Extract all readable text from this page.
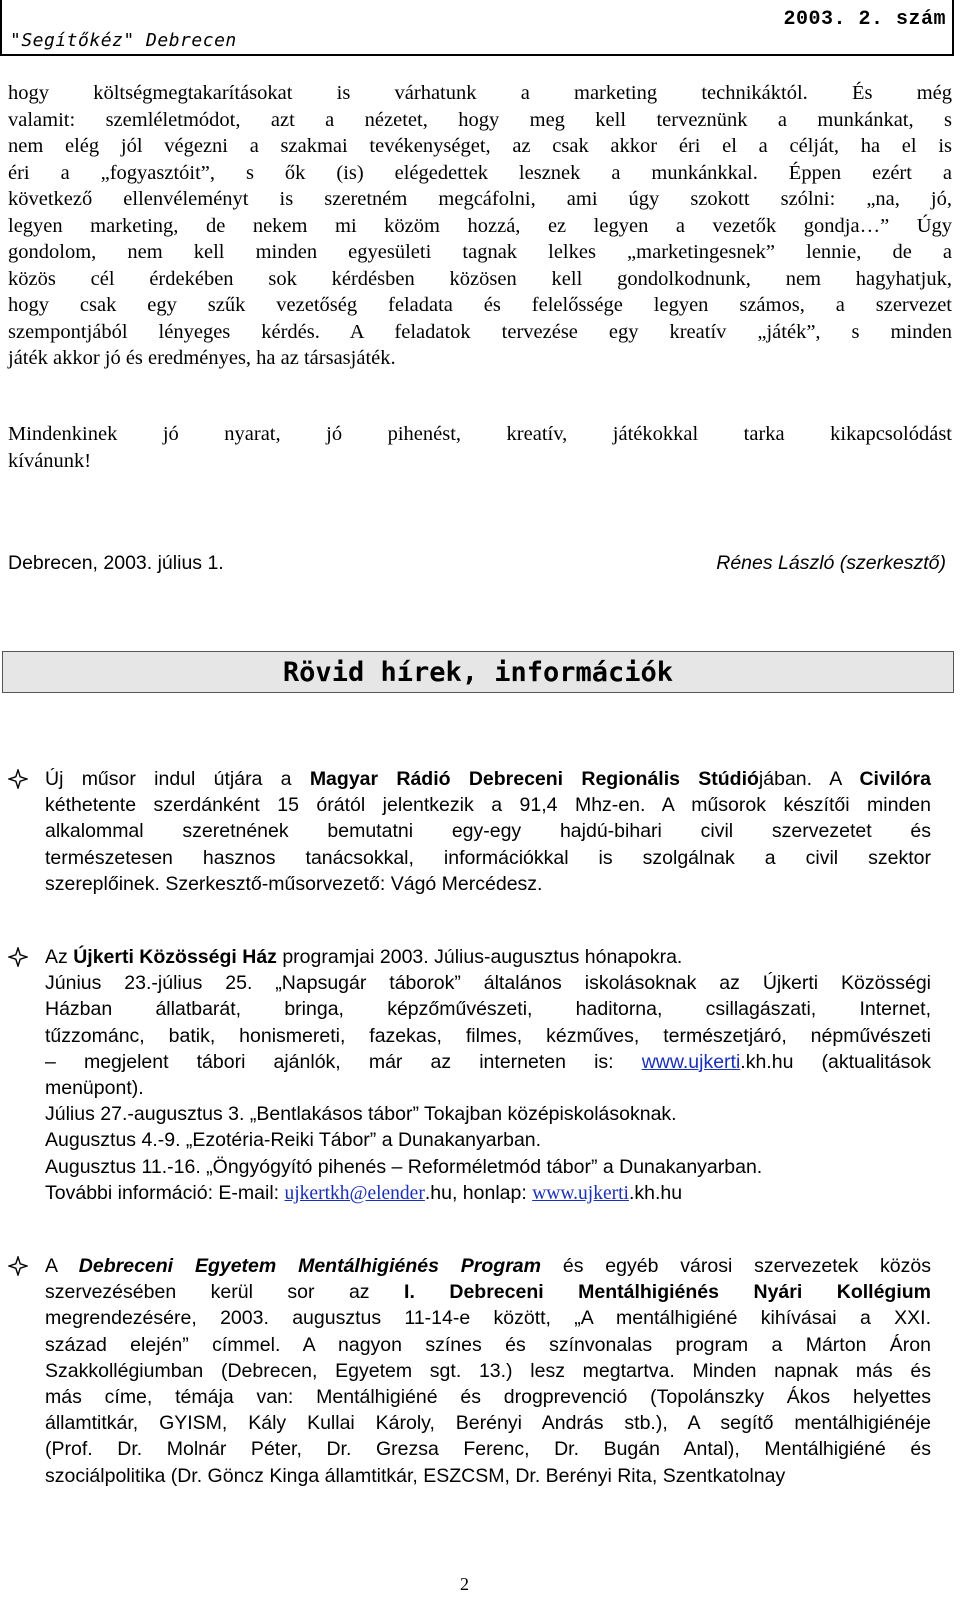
"Segítőkéz" Debrecen
2003. 2. szám
hogy költségmegtakarításokat is várhatunk a marketing technikáktól. És még
valamit: szemléletmódot, azt a nézetet, hogy meg kell terveznünk a munkánkat, s
nem elég jól végezni a szakmai tevékenységet, az csak akkor éri el a célját, ha el is
éri a „fogyasztóit”, s ők (is) elégedettek lesznek a munkánkkal. Éppen ezért a
következő ellenvéleményt is szeretném megcáfolni, ami úgy szokott szólni: „na, jó,
legyen marketing, de nekem mi közöm hozzá, ez legyen a vezetők gondja…” Úgy
gondolom, nem kell minden egyesületi tagnak lelkes „marketingesnek” lennie, de a
közös cél érdekében sok kérdésben közösen kell gondolkodnunk, nem hagyhatjuk,
hogy csak egy szűk vezetőség feladata és felelőssége legyen számos, a szervezet
szempontjából lényeges kérdés. A feladatok tervezése egy kreatív „játék”, s minden
játék akkor jó és eredményes, ha az társasjáték.
Mindenkinek jó nyarat, jó pihenést, kreatív, játékokkal tarka kikapcsolódást
kívánunk!
Debrecen, 2003. július 1.	Rénes László (szerkesztő)
Rövid hírek, információk
Új műsor indul útjára a Magyar Rádió Debreceni Regionális Stúdiójában. A Civilóra
kéthetente szerdánként 15 órától jelentkezik a 91,4 Mhz-en. A műsorok készítői minden
alkalommal szeretnének bemutatni egy-egy hajdú-bihari civil szervezetet és
természetesen hasznos tanácsokkal, információkkal is szolgálnak a civil szektor
szereplőinek. Szerkesztő-műsorvezető: Vágó Mercédesz.
Az Újkerti Közösségi Ház programjai 2003. Július-augusztus hónapokra.
Június 23.-július 25. „Napsugár táborok” általános iskolásoknak az Újkerti Közösségi
Házban állatbarát, bringa, képzőművészeti, haditorna, csillagászati, Internet,
tűzzománc, batik, honismereti, fazekas, filmes, kézműves, természetjáró, népművészeti
– megjelent tábori ajánlók, már az interneten is: www.ujkerti.kh.hu (aktualitások
menüpont).
Július 27.-augusztus 3. „Bentlakásos tábor” Tokajban középiskolásoknak.
Augusztus 4.-9. „Ezotéria-Reiki Tábor” a Dunakanyarban.
Augusztus 11.-16. „Öngyógyító pihenés – Reforméletmód tábor” a Dunakanyarban.
További információ: E-mail: ujkertkh@elender.hu, honlap: www.ujkerti.kh.hu
A Debreceni Egyetem Mentálhigiénés Program és egyéb városi szervezetek közös
szervezésében kerül sor az I. Debreceni Mentálhigiénés Nyári Kollégium
megrendezésére, 2003. augusztus 11-14-e között, „A mentálhigiéné kihívásai a XXI.
század elején” címmel. A nagyon színes és színvonalas program a Márton Áron
Szakkollégiumban (Debrecen, Egyetem sgt. 13.) lesz megtartva. Minden napnak más és
más címe, témája van: Mentálhigiéné és drogprevenció (Topolánszky Ákos helyettes
államtitkár, GYISM, Kály Kullai Károly, Berényi András stb.), A segítő mentálhigiénéje
(Prof. Dr. Molnár Péter, Dr. Grezsa Ferenc, Dr. Bugán Antal), Mentálhigiéné és
szociálpolitika (Dr. Göncz Kinga államtitkár, ESZCSM, Dr. Berényi Rita, Szentkatolnay
2
